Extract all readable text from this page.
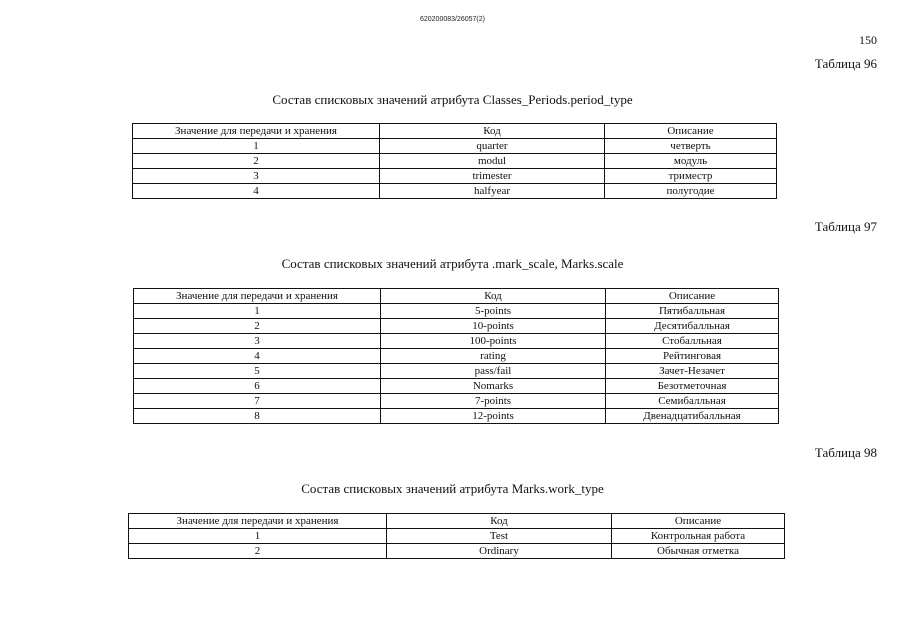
620200083/26057(2)
150
Таблица 96
Состав списковых значений атрибута Classes_Periods.period_type
Значение для передачи и хранения	Код	Описание
1	quarter	четверть
2	modul	модуль
3	trimester	триместр
4	halfyear	полугодие
Таблица 97
Состав списковых значений атрибута .mark_scale, Marks.scale
Значение для передачи и хранения	Код	Описание
1	5-points	Пятибалльная
2	10-points	Десятибалльная
3	100-points	Стобалльная
4	rating	Рейтинговая
5	pass/fail	Зачет-Незачет
6	Nomarks	Безотметочная
7	7-points	Семибалльная
8	12-points	Двенадцатибалльная
Таблица 98
Состав списковых значений атрибута Marks.work_type
Значение для передачи и хранения	Код	Описание
1	Test	Контрольная работа
2	Ordinary	Обычная отметка
